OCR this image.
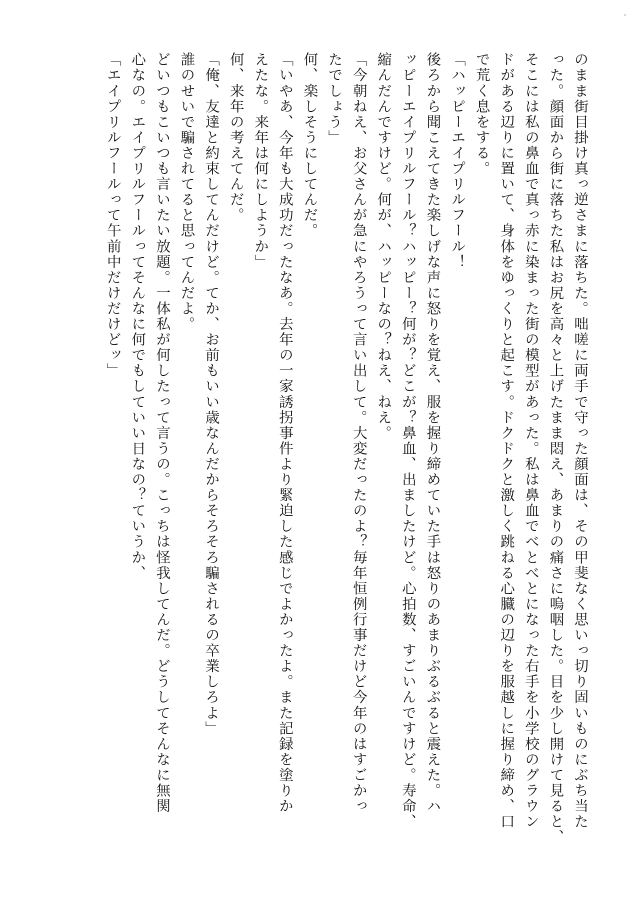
のまま街目掛け真っ逆さまに落ちた。咄嗟に両手で守った顔面は、その甲斐なく思いっ切り固いものにぶち当た
った。顔面から街に落ちた私はお尻を高々と上げたまま悶え、あまりの痛さに嗚咽した。目を少し開けて見ると、
そこには私の鼻血で真っ赤に染まった街の模型があった。私は鼻血でべとべとになった右手を小学校のグラウン
ドがある辺りに置いて、身体をゆっくりと起こす。ドクドクと激しく跳ねる心臓の辺りを服越しに握り締め、口
で荒く息をする。
「ハッピーエイプリルフール！
後ろから聞こえてきた楽しげな声に怒りを覚え、服を握り締めていた手は怒りのあまりぶるぶると震えた。ハ
ッピーエイプリルフール？ハッピー？何が？どこが？鼻血、出ましたけど。心拍数、すごいんですけど。寿命、
縮んだんですけど。何が、ハッピーなの？ねえ、ねえ。
「今朝ねえ、お父さんが急にやろうって言い出して。大変だったのよ？毎年恒例行事だけど今年のはすごかっ
たでしょう」
何、楽しそうにしてんだ。
「いやあ、今年も大成功だったなあ。去年の一家誘拐事件より緊迫した感じでよかったよ。また記録を塗りか
えたな。来年は何にしようか」
何、来年の考えてんだ。
「俺、友達と約束してんだけど。てか、お前もいい歳なんだからそろそろ騙されるの卒業しろよ」
誰のせいで騙されてると思ってんだよ。
どいつもこいつも言いたい放題。一体私が何したって言うの。こっちは怪我してんだ。どうしてそんなに無関
心なの。エイプリルフールってそんなに何でもしていい日なの？ていうか、
「エイプリルフールって午前中だけだけどッ」
